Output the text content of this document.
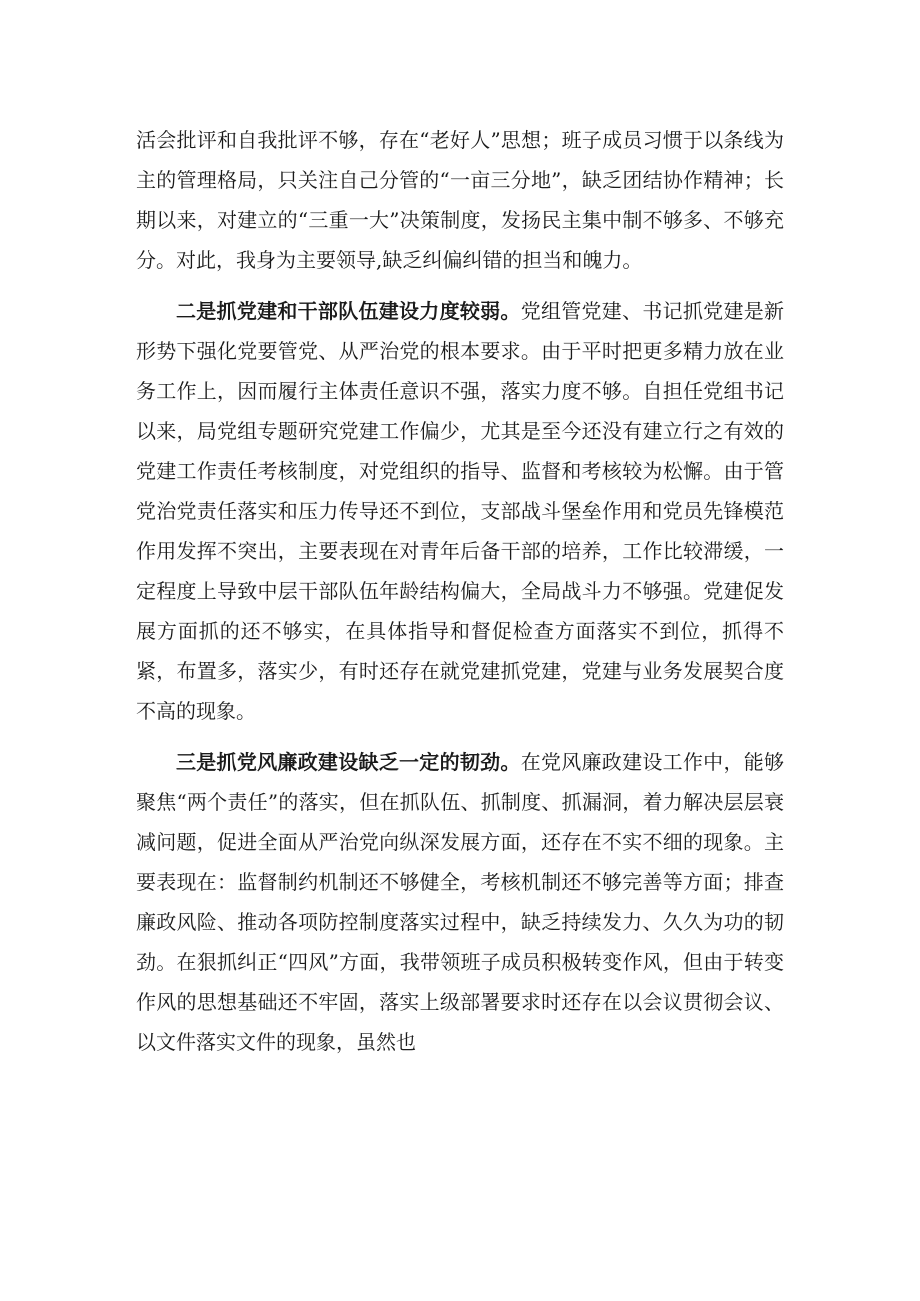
活会批评和自我批评不够，存在“老好人”思想；班子成员习惯于以条线为主的管理格局，只关注自己分管的“一亩三分地”，缺乏团结协作精神；长期以来，对建立的“三重一大”决策制度，发扬民主集中制不够多、不够充分。对此，我身为主要领导,缺乏纠偏纠错的担当和魄力。

二是抓党建和干部队伍建设力度较弱。党组管党建、书记抓党建是新形势下强化党要管党、从严治党的根本要求。由于平时把更多精力放在业务工作上，因而履行主体责任意识不强，落实力度不够。自担任党组书记以来，局党组专题研究党建工作偏少，尤其是至今还没有建立行之有效的党建工作责任考核制度，对党组织的指导、监督和考核较为松懈。由于管党治党责任落实和压力传导还不到位，支部战斗堡垒作用和党员先锋模范作用发挥不突出，主要表现在对青年后备干部的培养，工作比较滞缓，一定程度上导致中层干部队伍年龄结构偏大，全局战斗力不够强。党建促发展方面抓的还不够实，在具体指导和督促检查方面落实不到位，抓得不紧，布置多，落实少，有时还存在就党建抓党建，党建与业务发展契合度不高的现象。

三是抓党风廉政建设缺乏一定的韧劲。在党风廉政建设工作中，能够聚焦“两个责任”的落实，但在抓队伍、抓制度、抓漏洞，着力解决层层衰减问题，促进全面从严治党向纵深发展方面，还存在不实不细的现象。主要表现在：监督制约机制还不够健全，考核机制还不够完善等方面；排查廉政风险、推动各项防控制度落实过程中，缺乏持续发力、久久为功的韧劲。在狠抓纠正“四风”方面，我带领班子成员积极转变作风，但由于转变作风的思想基础还不牢固，落实上级部署要求时还存在以会议贯彻会议、以文件落实文件的现象，虽然也
